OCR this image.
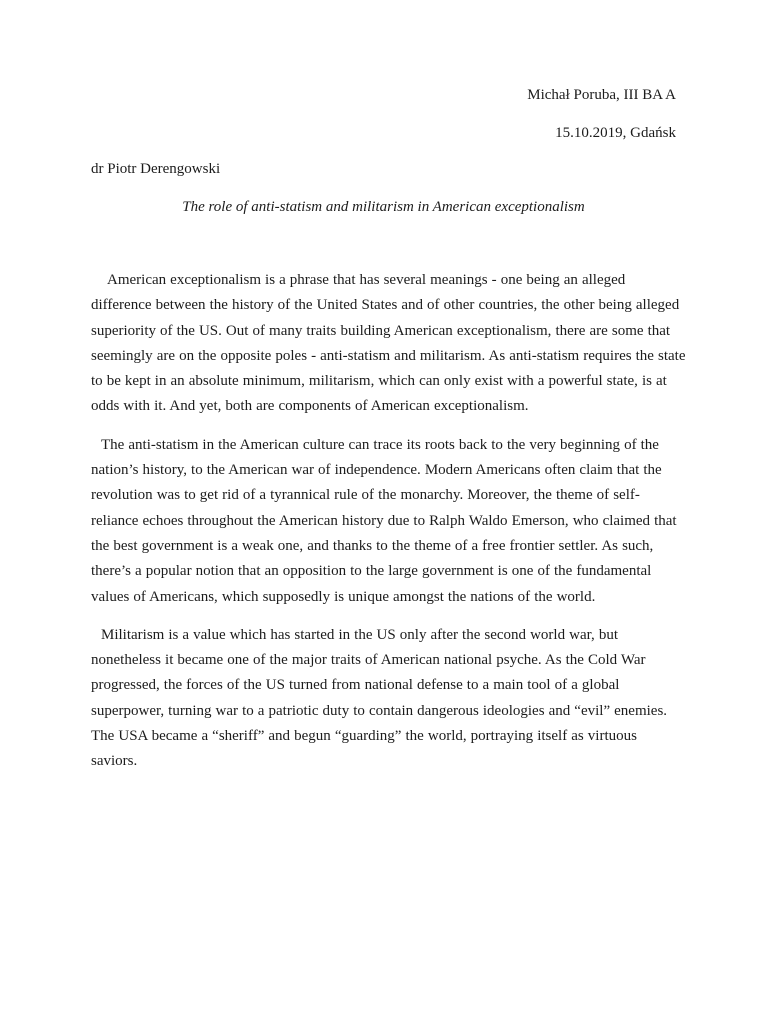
Michał Poruba, III BA A

15.10.2019, Gdańsk

dr Piotr Derengowski

The role of anti-statism and militarism in American exceptionalism

American exceptionalism is a phrase that has several meanings - one being an alleged difference between the history of the United States and of other countries, the other being alleged superiority of the US. Out of many traits building American exceptionalism, there are some that seemingly are on the opposite poles - anti-statism and militarism. As anti-statism requires the state to be kept in an absolute minimum, militarism, which can only exist with a powerful state, is at odds with it. And yet, both are components of American exceptionalism.

The anti-statism in the American culture can trace its roots back to the very beginning of the nation’s history, to the American war of independence. Modern Americans often claim that the revolution was to get rid of a tyrannical rule of the monarchy. Moreover, the theme of self-reliance echoes throughout the American history due to Ralph Waldo Emerson, who claimed that the best government is a weak one, and thanks to the theme of a free frontier settler. As such, there’s a popular notion that an opposition to the large government is one of the fundamental values of Americans, which supposedly is unique amongst the nations of the world.

Militarism is a value which has started in the US only after the second world war, but nonetheless it became one of the major traits of American national psyche. As the Cold War progressed, the forces of the US turned from national defense to a main tool of a global superpower, turning war to a patriotic duty to contain dangerous ideologies and “evil” enemies. The USA became a “sheriff” and begun “guarding” the world, portraying itself as virtuous saviors.
